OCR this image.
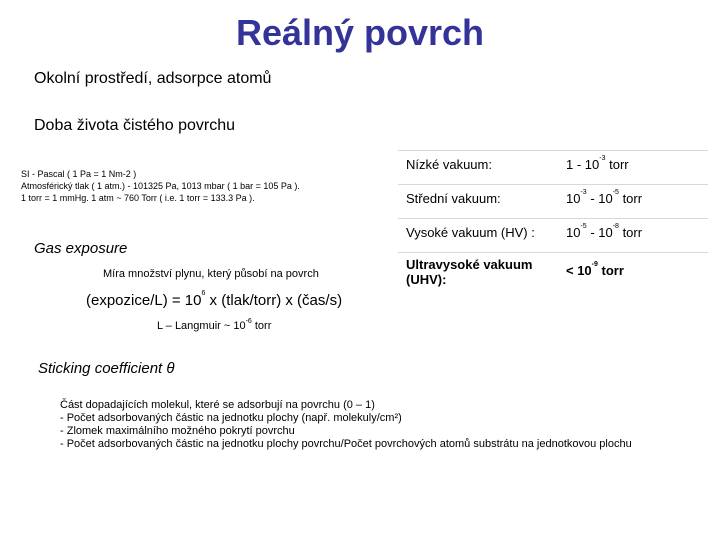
Reálný povrch
Okolní prostředí, adsorpce atomů
Doba života čistého povrchu
SI - Pascal ( 1 Pa = 1 Nm-2 )
Atmosférický tlak ( 1 atm.) - 101325 Pa, 1013 mbar ( 1 bar = 105 Pa ).
1 torr = 1 mmHg. 1 atm ~ 760 Torr ( i.e. 1 torr = 133.3 Pa ).
Gas exposure
Míra množství plynu, který působí na povrch
(expozice/L) = $10^6$ x (tlak/torr) x (čas/s)
L – Langmuir ~ $10^{-6}$ torr
Sticking coefficient θ
Část dopadajících molekul, které se adsorbují na povrchu (0 – 1)
- Počet adsorbovaných částic na jednotku plochy (např. molekuly/cm²)
- Zlomek maximálního možného pokrytí povrchu
- Počet adsorbovaných částic na jednotku plochy povrchu/Počet povrchových atomů substrátu na jednotkovou plochu
Nízké vakuum:	$1 - 10^{-3}$ torr
Střední vakuum:	$10^{-3} - 10^{-5}$ torr
Vysoké vakuum (HV) :	$10^{-5} - 10^{-8}$ torr
Ultravysoké vakuum
(UHV):	< $10^{-9}$ torr
